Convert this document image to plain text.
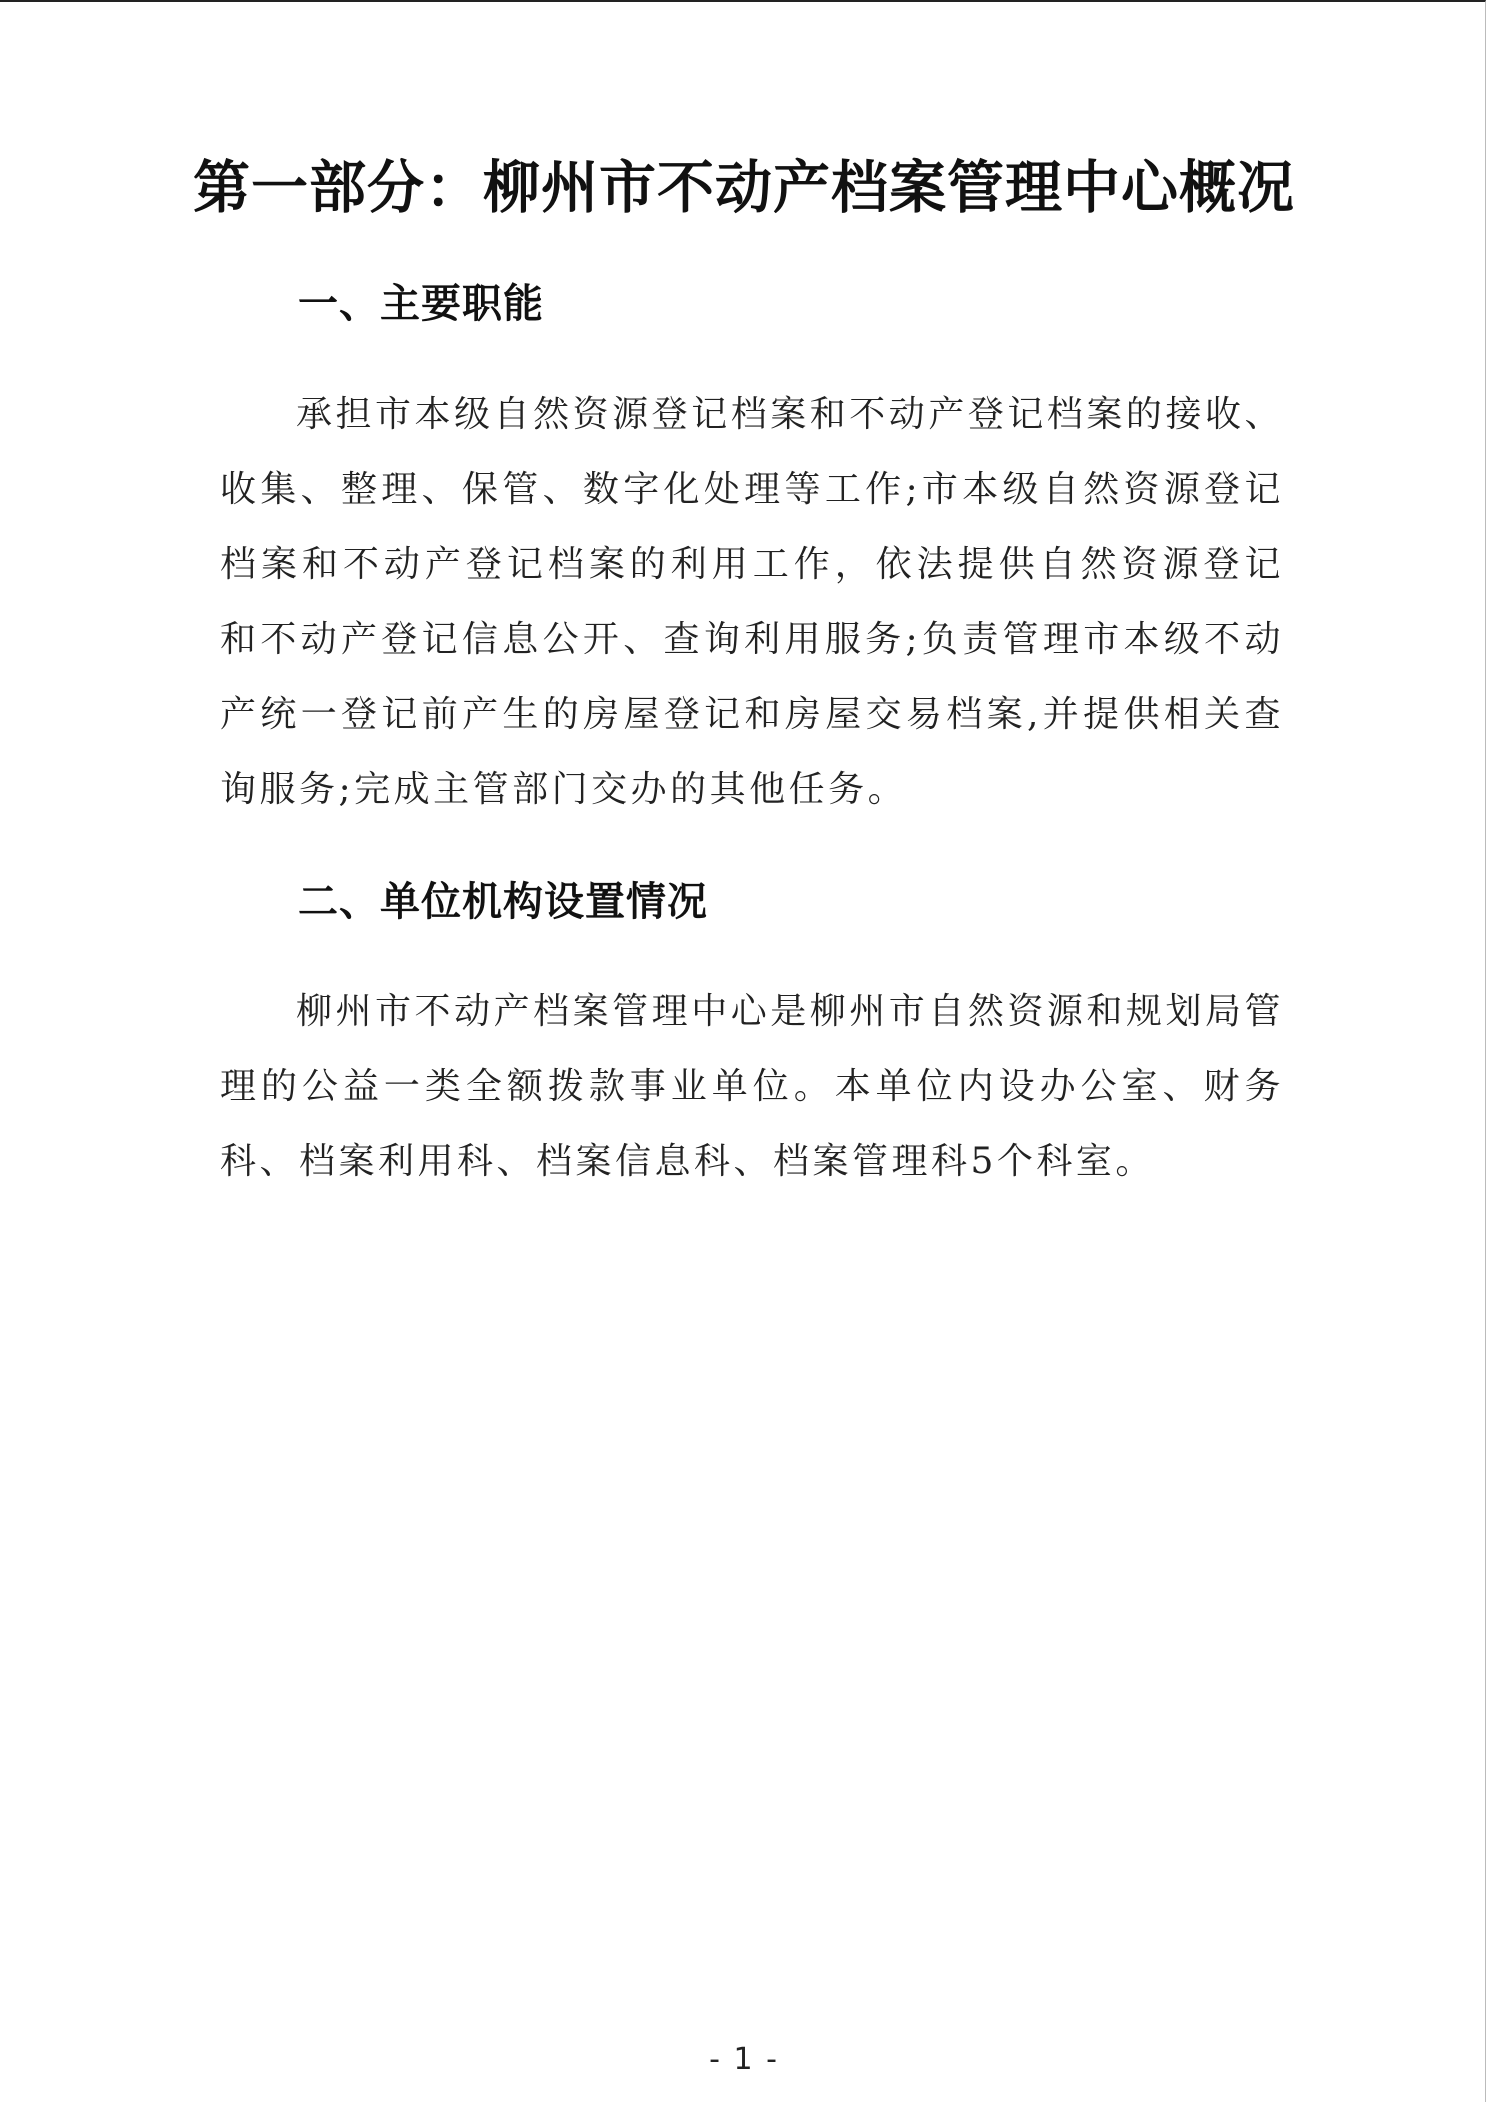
第一部分：柳州市不动产档案管理中心概况
一、主要职能

承担市本级自然资源登记档案和不动产登记档案的接收、收集、整理、保管、数字化处理等工作;市本级自然资源登记档案和不动产登记档案的利用工作，依法提供自然资源登记和不动产登记信息公开、查询利用服务;负责管理市本级不动产统一登记前产生的房屋登记和房屋交易档案,并提供相关查询服务;完成主管部门交办的其他任务。

二、单位机构设置情况

柳州市不动产档案管理中心是柳州市自然资源和规划局管理的公益一类全额拨款事业单位。本单位内设办公室、财务科、档案利用科、档案信息科、档案管理科5个科室。

- 1 -
